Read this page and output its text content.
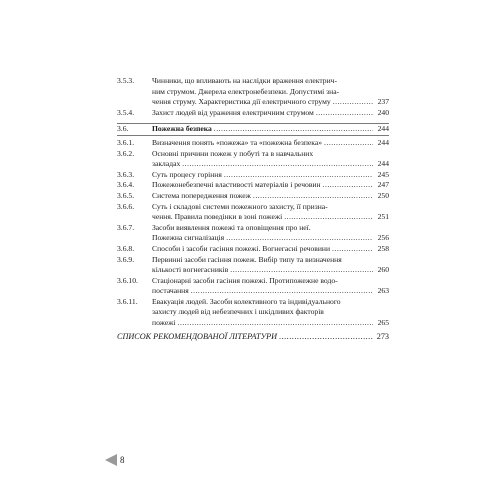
3.5.3.	Чинники, що впливають на наслідки враження електрич-
ним струмом. Джерела електронебезпеки. Допустимі зна-
чення струму. Характеристика дії електричного струму .....	237
3.5.4.	Захист людей від ураження електричним струмом .....	240
3.6.	Пожежна безпека .....	244
3.6.1.	Визначення понять «пожежа» та «пожежна безпека» .....	244
3.6.2.	Основні причини пожеж у побуті та в навчальних
закладах .....	244
3.6.3.	Суть процесу горіння .....	245
3.6.4.	Пожежонебезпечні властивості матеріалів і речовин .....	247
3.6.5.	Система попередження пожеж .....	250
3.6.6.	Суть і складові системи пожежного захисту, її призна-
чення. Правила поведінки в зоні пожежі .....	251
3.6.7.	Засоби виявлення пожежі та оповіщення про неї.
Пожежна сигналізація .....	256
3.6.8.	Способи і засоби гасіння пожежі. Вогнегасні речовини .....	258
3.6.9.	Первинні засоби гасіння пожеж. Вибір типу та визначення
кількості вогнегасників .....	260
3.6.10.	Стаціонарні засоби гасіння пожежі. Протипожежне водо-
постачання .....	263
3.6.11.	Евакуація людей. Засоби колективного та індивідуального
захисту людей від небезпечних і шкідливих факторів
пожежі .....	265
СПИСОК РЕКОМЕНДОВАНОЇ ЛІТЕРАТУРИ .....	273
8
